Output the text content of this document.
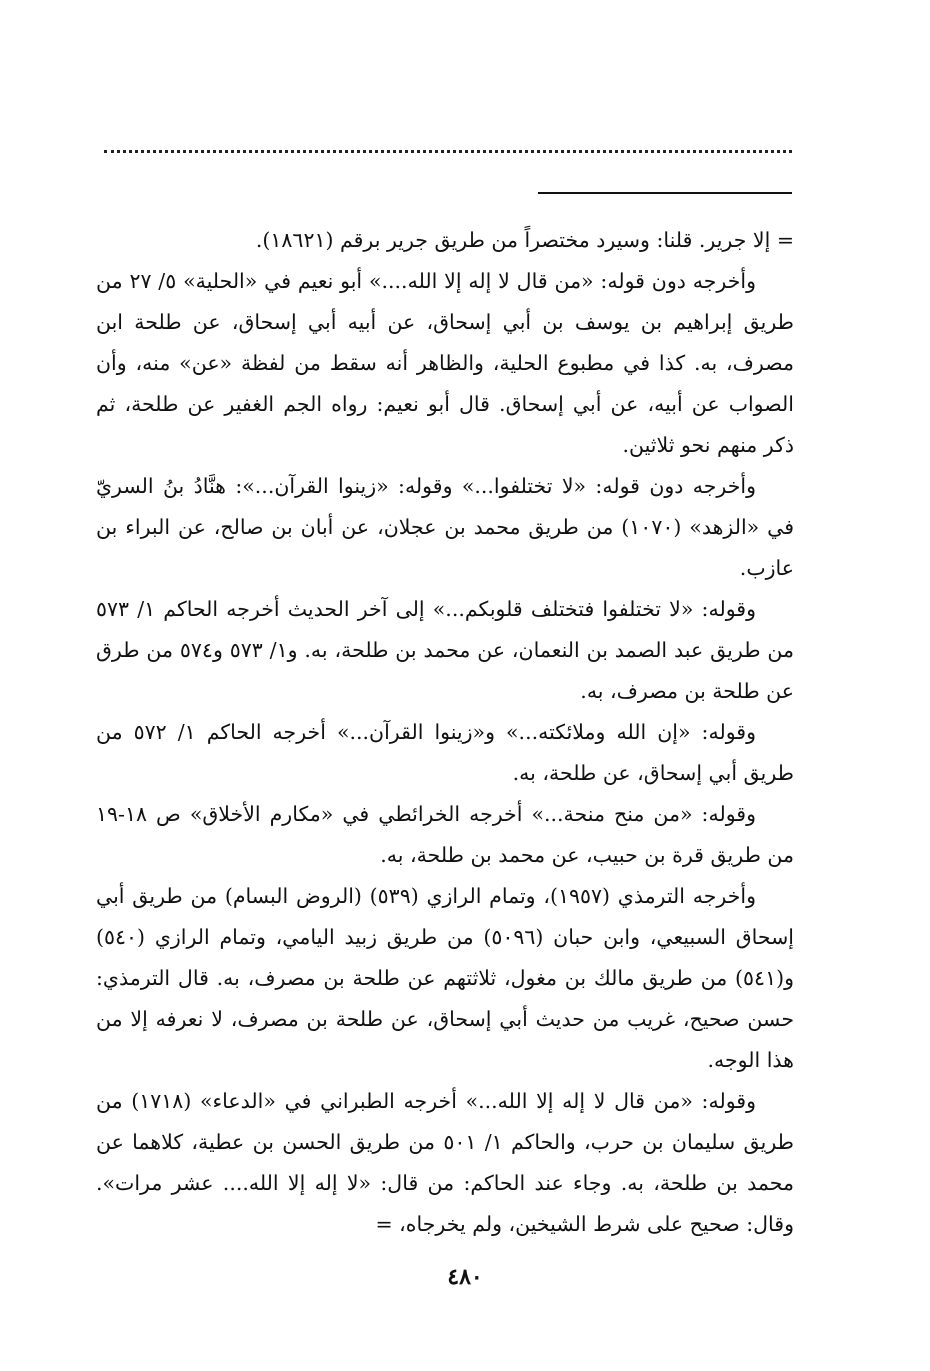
= إلا جرير. قلنا: وسيرد مختصراً من طريق جرير برقم (١٨٦٢١).

وأخرجه دون قوله: «من قال لا إله إلا الله....» أبو نعيم في «الحلية» ٥/ ٢٧ من طريق إبراهيم بن يوسف بن أبي إسحاق، عن أبيه أبي إسحاق، عن طلحة ابن مصرف، به. كذا في مطبوع الحلية، والظاهر أنه سقط من لفظة «عن» منه، وأن الصواب عن أبيه، عن أبي إسحاق. قال أبو نعيم: رواه الجم الغفير عن طلحة، ثم ذكر منهم نحو ثلاثين.

وأخرجه دون قوله: «لا تختلفوا...» وقوله: «زينوا القرآن...»: هنَّادُ بنُ السريّ في «الزهد» (١٠٧٠) من طريق محمد بن عجلان، عن أبان بن صالح، عن البراء بن عازب.

وقوله: «لا تختلفوا فتختلف قلوبكم...» إلى آخر الحديث أخرجه الحاكم ١/ ٥٧٣ من طريق عبد الصمد بن النعمان، عن محمد بن طلحة، به. و١/ ٥٧٣ و٥٧٤ من طرق عن طلحة بن مصرف، به.

وقوله: «إن الله وملائكته...» و«زينوا القرآن...» أخرجه الحاكم ١/ ٥٧٢ من طريق أبي إسحاق، عن طلحة، به.

وقوله: «من منح منحة...» أخرجه الخرائطي في «مكارم الأخلاق» ص ١٨-١٩ من طريق قرة بن حبيب، عن محمد بن طلحة، به.

وأخرجه الترمذي (١٩٥٧)، وتمام الرازي (٥٣٩) (الروض البسام) من طريق أبي إسحاق السبيعي، وابن حبان (٥٠٩٦) من طريق زبيد اليامي، وتمام الرازي (٥٤٠) و(٥٤١) من طريق مالك بن مغول، ثلاثتهم عن طلحة بن مصرف، به. قال الترمذي: حسن صحيح، غريب من حديث أبي إسحاق، عن طلحة بن مصرف، لا نعرفه إلا من هذا الوجه.

وقوله: «من قال لا إله إلا الله...» أخرجه الطبراني في «الدعاء» (١٧١٨) من طريق سليمان بن حرب، والحاكم ١/ ٥٠١ من طريق الحسن بن عطية، كلاهما عن محمد بن طلحة، به. وجاء عند الحاكم: من قال: «لا إله إلا الله.... عشر مرات». وقال: صحيح على شرط الشيخين، ولم يخرجاه، =

٤٨٠
